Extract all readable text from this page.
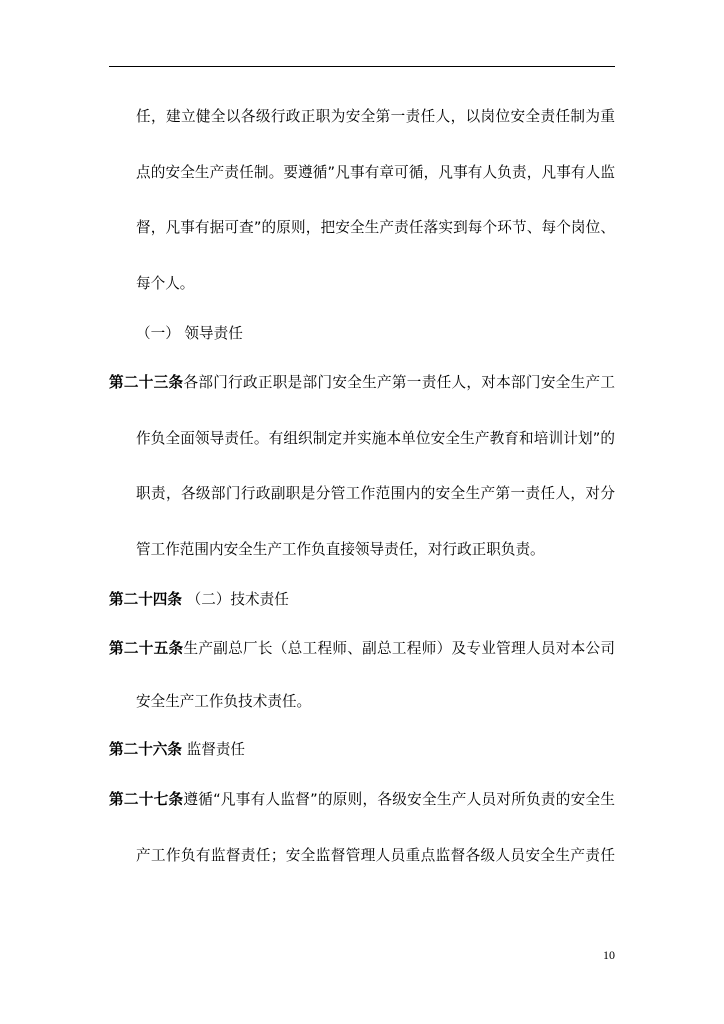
任，建立健全以各级行政正职为安全第一责任人，以岗位安全责任制为重
点的安全生产责任制。要遵循”凡事有章可循，凡事有人负责，凡事有人监
督，凡事有据可查”的原则，把安全生产责任落实到每个环节、每个岗位、
每个人。
（一） 领导责任
第二十三条各部门行政正职是部门安全生产第一责任人，对本部门安全生产工
作负全面领导责任。有组织制定并实施本单位安全生产教育和培训计划”的
职责，各级部门行政副职是分管工作范围内的安全生产第一责任人，对分
管工作范围内安全生产工作负直接领导责任，对行政正职负责。
第二十四条 （二）技术责任
第二十五条生产副总厂长（总工程师、副总工程师）及专业管理人员对本公司
安全生产工作负技术责任。
第二十六条 监督责任
第二十七条遵循“凡事有人监督”的原则，各级安全生产人员对所负责的安全生
产工作负有监督责任；安全监督管理人员重点监督各级人员安全生产责任
10
